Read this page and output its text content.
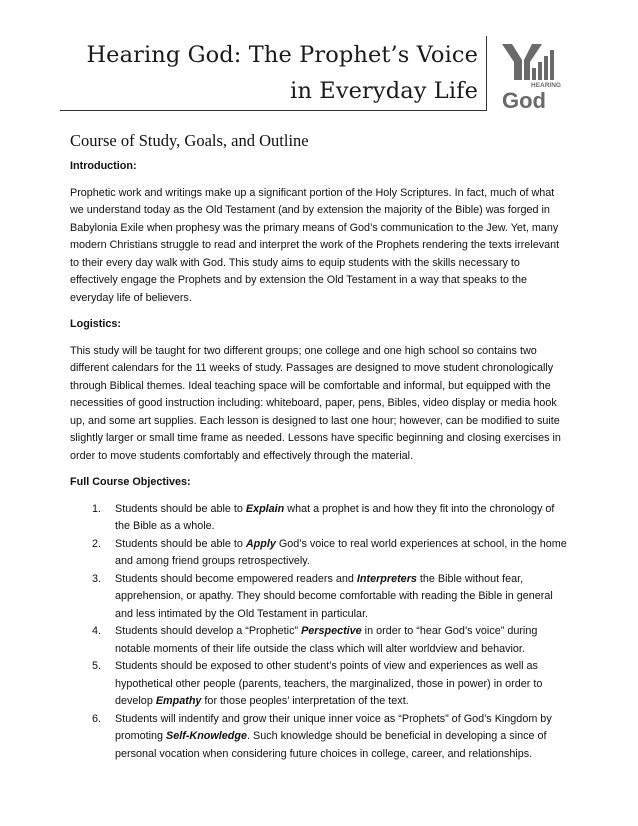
Hearing God: The Prophet’s Voice
in Everyday Life	HEARING
God
Course of Study, Goals, and Outline

Introduction:

Prophetic work and writings make up a significant portion of the Holy Scriptures. In fact, much of what we understand today as the Old Testament (and by extension the majority of the Bible) was forged in Babylonia Exile when prophesy was the primary means of God’s communication to the Jew. Yet, many modern Christians struggle to read and interpret the work of the Prophets rendering the texts irrelevant to their every day walk with God. This study aims to equip students with the skills necessary to effectively engage the Prophets and by extension the Old Testament in a way that speaks to the everyday life of believers.

Logistics:

This study will be taught for two different groups; one college and one high school so contains two different calendars for the 11 weeks of study. Passages are designed to move student chronologically through Biblical themes. Ideal teaching space will be comfortable and informal, but equipped with the necessities of good instruction including: whiteboard, paper, pens, Bibles, video display or media hook up, and some art supplies. Each lesson is designed to last one hour; however, can be modified to suite slightly larger or small time frame as needed. Lessons have specific beginning and closing exercises in order to move students comfortably and effectively through the material.

Full Course Objectives:

1. Students should be able to Explain what a prophet is and how they fit into the chronology of the Bible as a whole.
2. Students should be able to Apply God’s voice to real world experiences at school, in the home and among friend groups retrospectively.
3. Students should become empowered readers and Interpreters the Bible without fear, apprehension, or apathy. They should become comfortable with reading the Bible in general and less intimated by the Old Testament in particular.
4. Students should develop a “Prophetic” Perspective in order to “hear God’s voice” during notable moments of their life outside the class which will alter worldview and behavior.
5. Students should be exposed to other student’s points of view and experiences as well as hypothetical other people (parents, teachers, the marginalized, those in power) in order to develop Empathy for those peoples’ interpretation of the text.
6. Students will indentify and grow their unique inner voice as “Prophets” of God’s Kingdom by promoting Self-Knowledge. Such knowledge should be beneficial in developing a since of personal vocation when considering future choices in college, career, and relationships.
